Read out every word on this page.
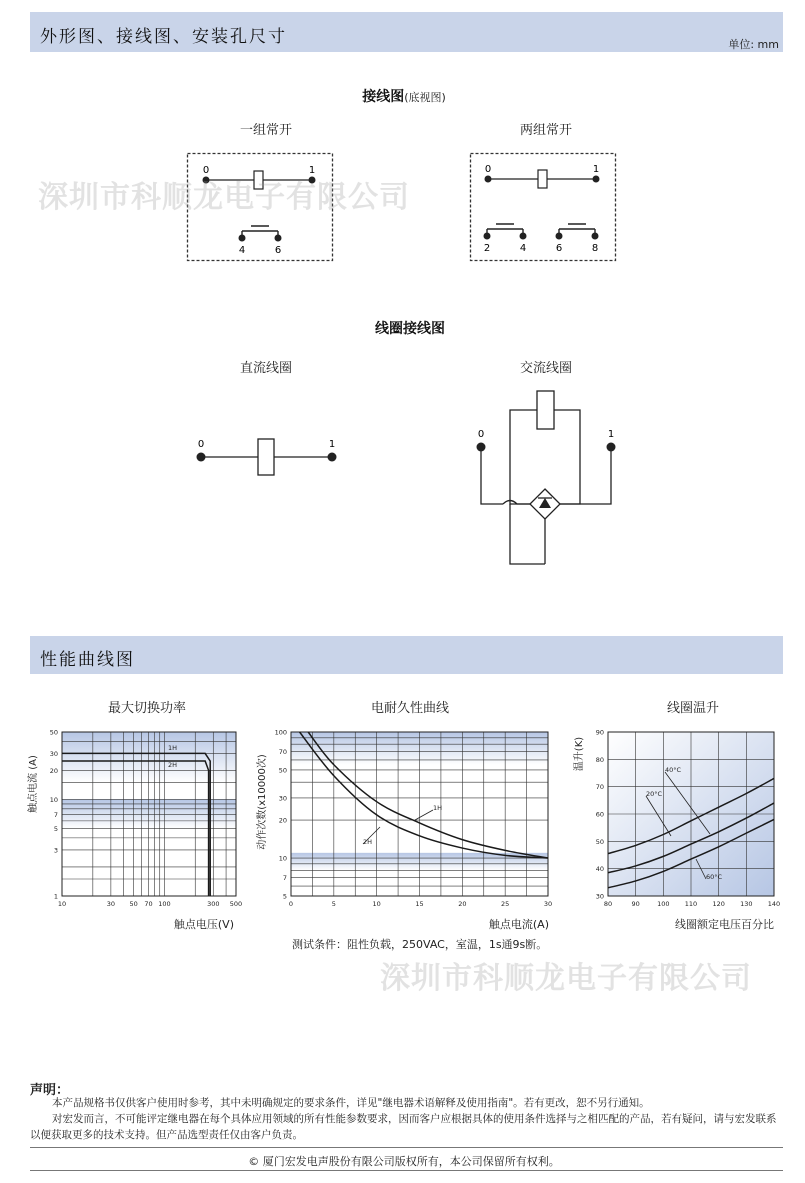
外形图、接线图、安装孔尺寸	单位: mm
接线图(底视图)
一组常开	两组常开
0	1
4	6
0	1
2	4	6	8
深圳市科顺龙电子有限公司
线圈接线图
直流线圈	交流线圈
0	1
0	1
性能曲线图
最大切换功率	电耐久性曲线	线圈温升
10	30 50 70 100	300 500
1
3
5
7
10
20
30
50
1H
2H
触点电压(V)
触点电流 (A)
0	5	10	15	20	25	30
5
7
10
20
30
50
70
100
1H
2H
触点电流(A)
动作次数(x10000次)
80	90	100 110 120 130 140
30
40
50
60
70
80
90
40°C
20°C
60°C
线圈额定电压百分比
温升(K)
测试条件：阻性负载，250VAC，室温，1s通9s断。
深圳市科顺龙电子有限公司
声明：
本产品规格书仅供客户使用时参考，其中未明确规定的要求条件，详见"继电器术语解释及使用指南"。若有更改，恕不另行通知。
对宏发而言，不可能评定继电器在每个具体应用领域的所有性能参数要求，因而客户应根据具体的使用条件选择与之相匹配的产品，若有疑问，请与宏发联系以便获取更多的技术支持。但产品选型责任仅由客户负责。
© 厦门宏发电声股份有限公司版权所有，本公司保留所有权利。
